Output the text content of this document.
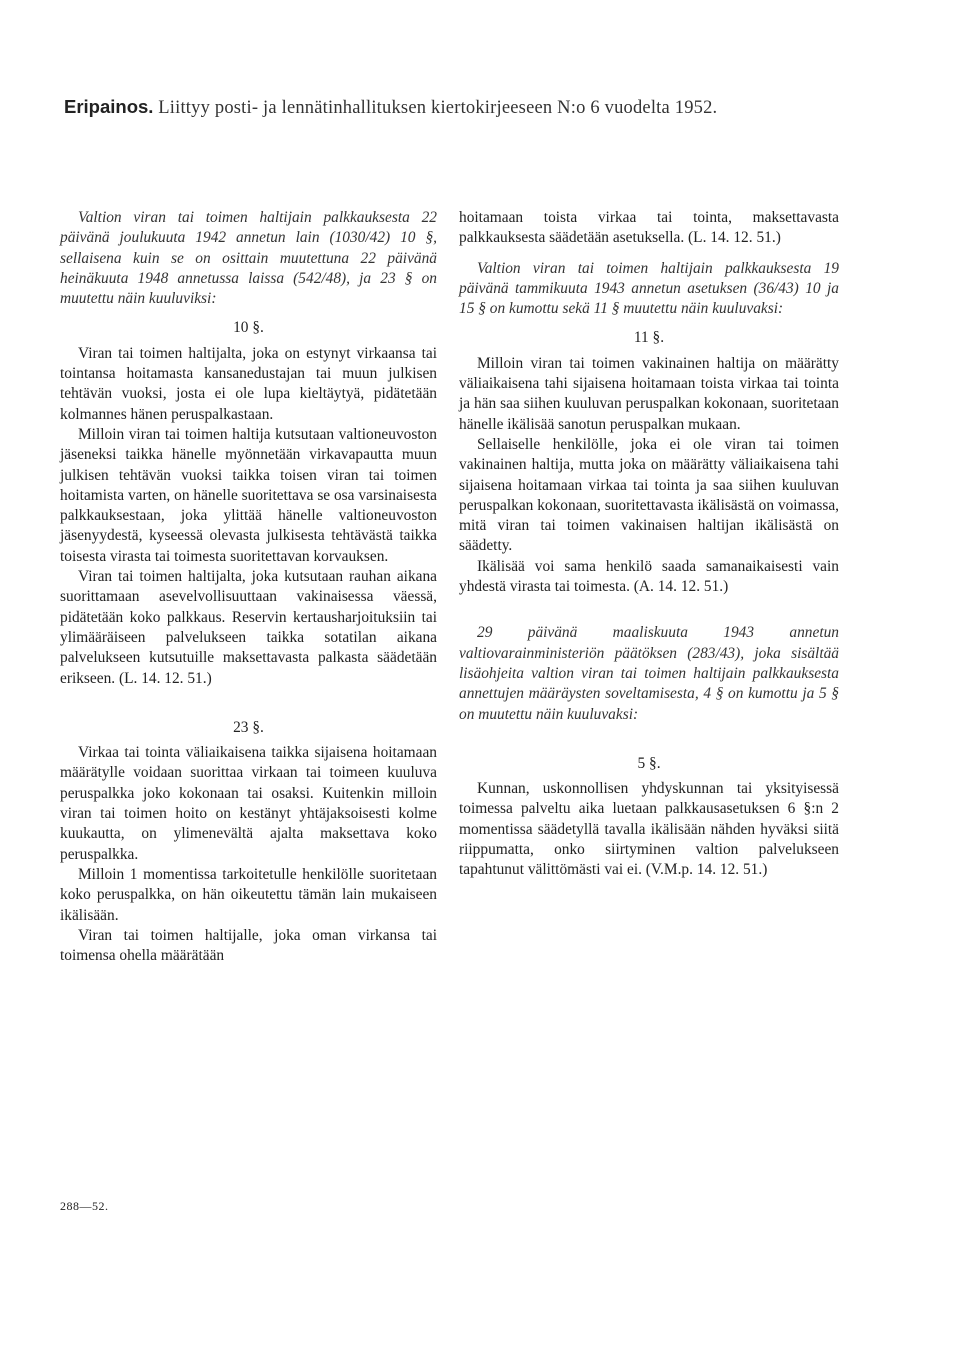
Eripainos. Liittyy posti- ja lennätinhallituksen kiertokirjeeseen N:o 6 vuodelta 1952.

Valtion viran tai toimen haltijain palkkauksesta 22 päivänä joulukuuta 1942 annetun lain (1030/42) 10 §, sellaisena kuin se on osittain muutettuna 22 päivänä heinäkuuta 1948 annetussa laissa (542/48), ja 23 § on muutettu näin kuuluviksi:

10 §.

Viran tai toimen haltijalta, joka on estynyt virkaansa tai tointansa hoitamasta kansanedustajan tai muun julkisen tehtävän vuoksi, josta ei ole lupa kieltäytyä, pidätetään kolmannes hänen peruspalkastaan.

Milloin viran tai toimen haltija kutsutaan valtioneuvoston jäseneksi taikka hänelle myönnetään virkavapautta muun julkisen tehtävän vuoksi taikka toisen viran tai toimen hoitamista varten, on hänelle suoritettava se osa varsinaisesta palkkauksestaan, joka ylittää hänelle valtioneuvoston jäsenyydestä, kyseessä olevasta julkisesta tehtävästä taikka toisesta virasta tai toimesta suoritettavan korvauksen.

Viran tai toimen haltijalta, joka kutsutaan rauhan aikana suorittamaan asevelvollisuuttaan vakinaisessa väessä, pidätetään koko palkkaus. Reservin kertausharjoituksiin tai ylimääräiseen palvelukseen taikka sotatilan aikana palvelukseen kutsutuille maksettavasta palkasta säädetään erikseen. (L. 14. 12. 51.)

23 §.

Virkaa tai tointa väliaikaisena taikka sijaisena hoitamaan määrätylle voidaan suorittaa virkaan tai toimeen kuuluva peruspalkka joko kokonaan tai osaksi. Kuitenkin milloin viran tai toimen hoito on kestänyt yhtäjaksoisesti kolme kuukautta, on ylimenevältä ajalta maksettava koko peruspalkka.

Milloin 1 momentissa tarkoitetulle henkilölle suoritetaan koko peruspalkka, on hän oikeutettu tämän lain mukaiseen ikälisään.

Viran tai toimen haltijalle, joka oman virkansa tai toimensa ohella määrätään

hoitamaan toista virkaa tai tointa, maksettavasta palkkauksesta säädetään asetuksella. (L. 14. 12. 51.)

Valtion viran tai toimen haltijain palkkauksesta 19 päivänä tammikuuta 1943 annetun asetuksen (36/43) 10 ja 15 § on kumottu sekä 11 § muutettu näin kuuluvaksi:

11 §.

Milloin viran tai toimen vakinainen haltija on määrätty väliaikaisena tahi sijaisena hoitamaan toista virkaa tai tointa ja hän saa siihen kuuluvan peruspalkan kokonaan, suoritetaan hänelle ikälisää sanotun peruspalkan mukaan.

Sellaiselle henkilölle, joka ei ole viran tai toimen vakinainen haltija, mutta joka on määrätty väliaikaisena tahi sijaisena hoitamaan virkaa tai tointa ja saa siihen kuuluvan peruspalkan kokonaan, suoritettavasta ikälisästä on voimassa, mitä viran tai toimen vakinaisen haltijan ikälisästä on säädetty.

Ikälisää voi sama henkilö saada samanaikaisesti vain yhdestä virasta tai toimesta. (A. 14. 12. 51.)

29 päivänä maaliskuuta 1943 annetun valtiovarainministeriön päätöksen (283/43), joka sisältää lisäohjeita valtion viran tai toimen haltijain palkkauksesta annettujen määräysten soveltamisesta, 4 § on kumottu ja 5 § on muutettu näin kuuluvaksi:

5 §.

Kunnan, uskonnollisen yhdyskunnan tai yksityisessä toimessa palveltu aika luetaan palkkausasetuksen 6 §:n 2 momentissa säädetyllä tavalla ikälisään nähden hyväksi siitä riippumatta, onko siirtyminen valtion palvelukseen tapahtunut välittömästi vai ei. (V.M.p. 14. 12. 51.)

288—52.
